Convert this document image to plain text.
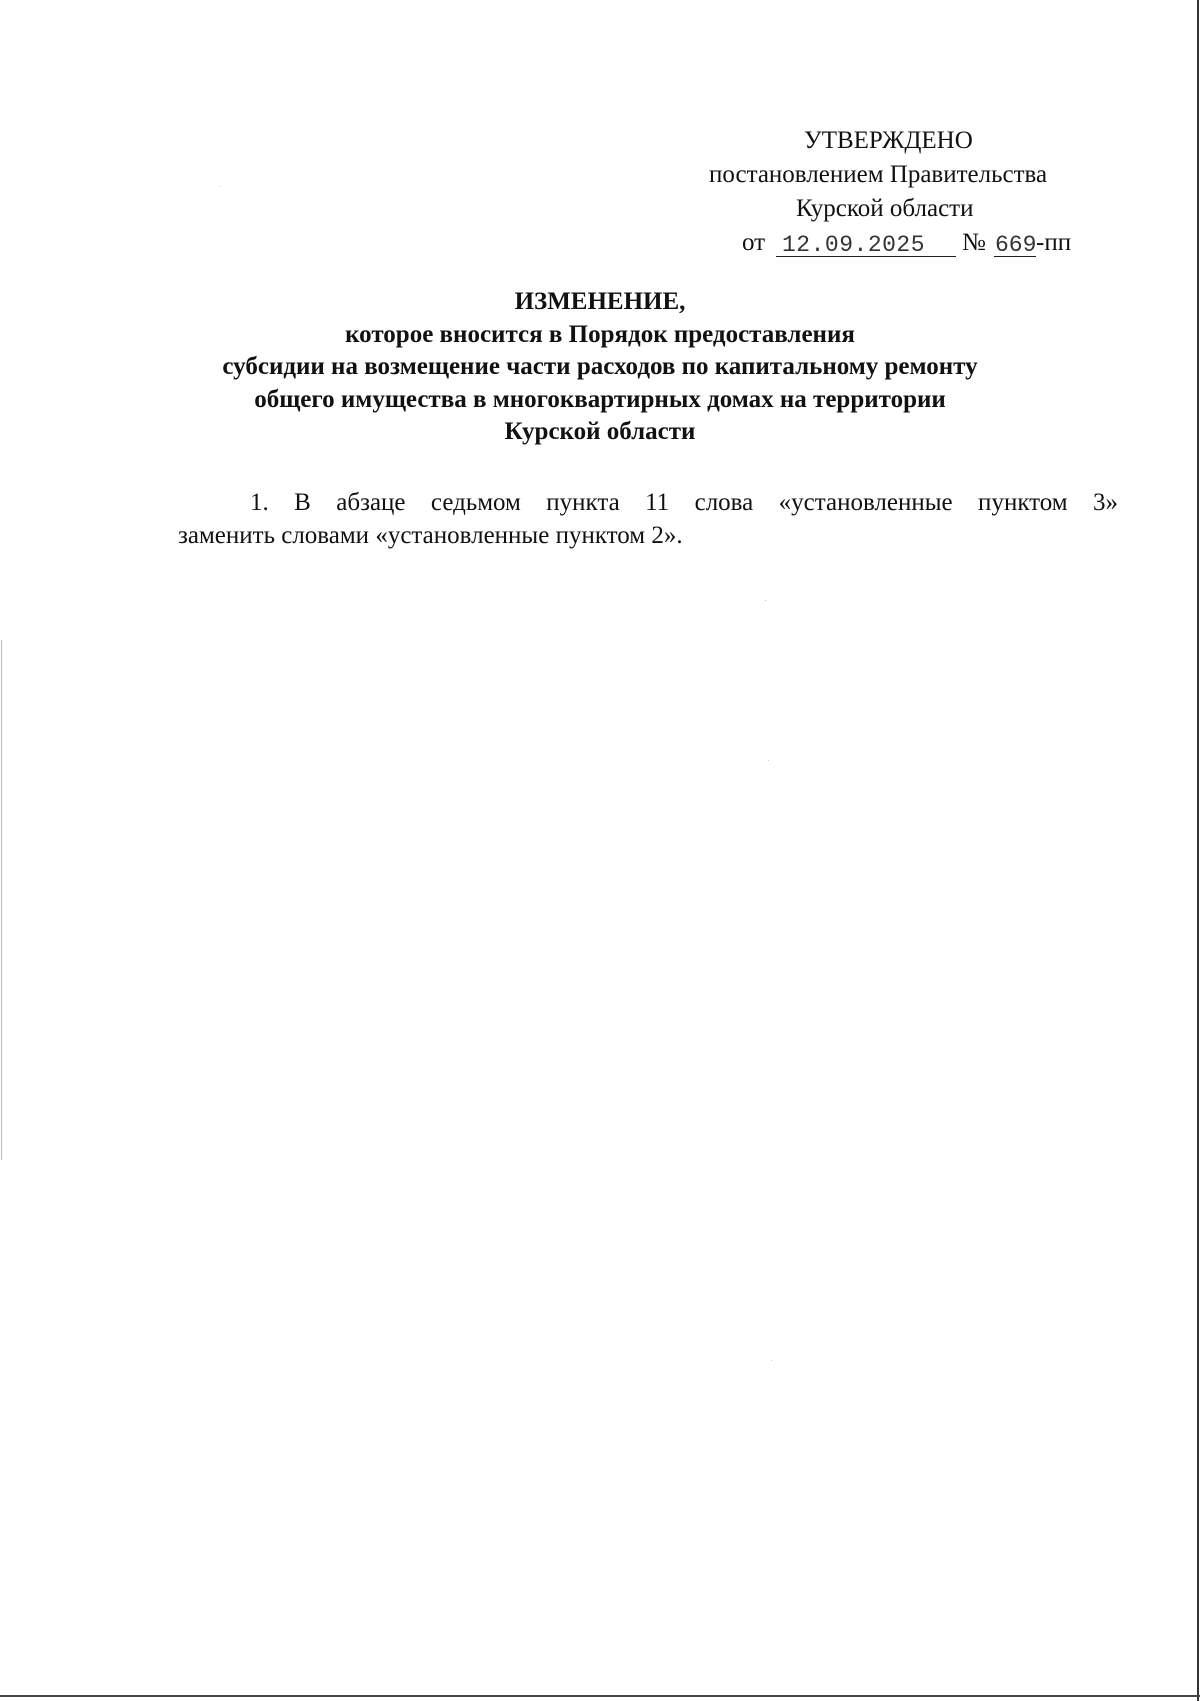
УТВЕРЖДЕНО
постановлением Правительства
Курской области
от 12.09.2025 № 669 -пп
ИЗМЕНЕНИЕ,
которое вносится в Порядок предоставления
субсидии на возмещение части расходов по капитальному ремонту
общего имущества в многоквартирных домах на территории
Курской области
1. В абзаце седьмом пункта 11 слова «установленные пунктом 3»
заменить словами «установленные пунктом 2».
